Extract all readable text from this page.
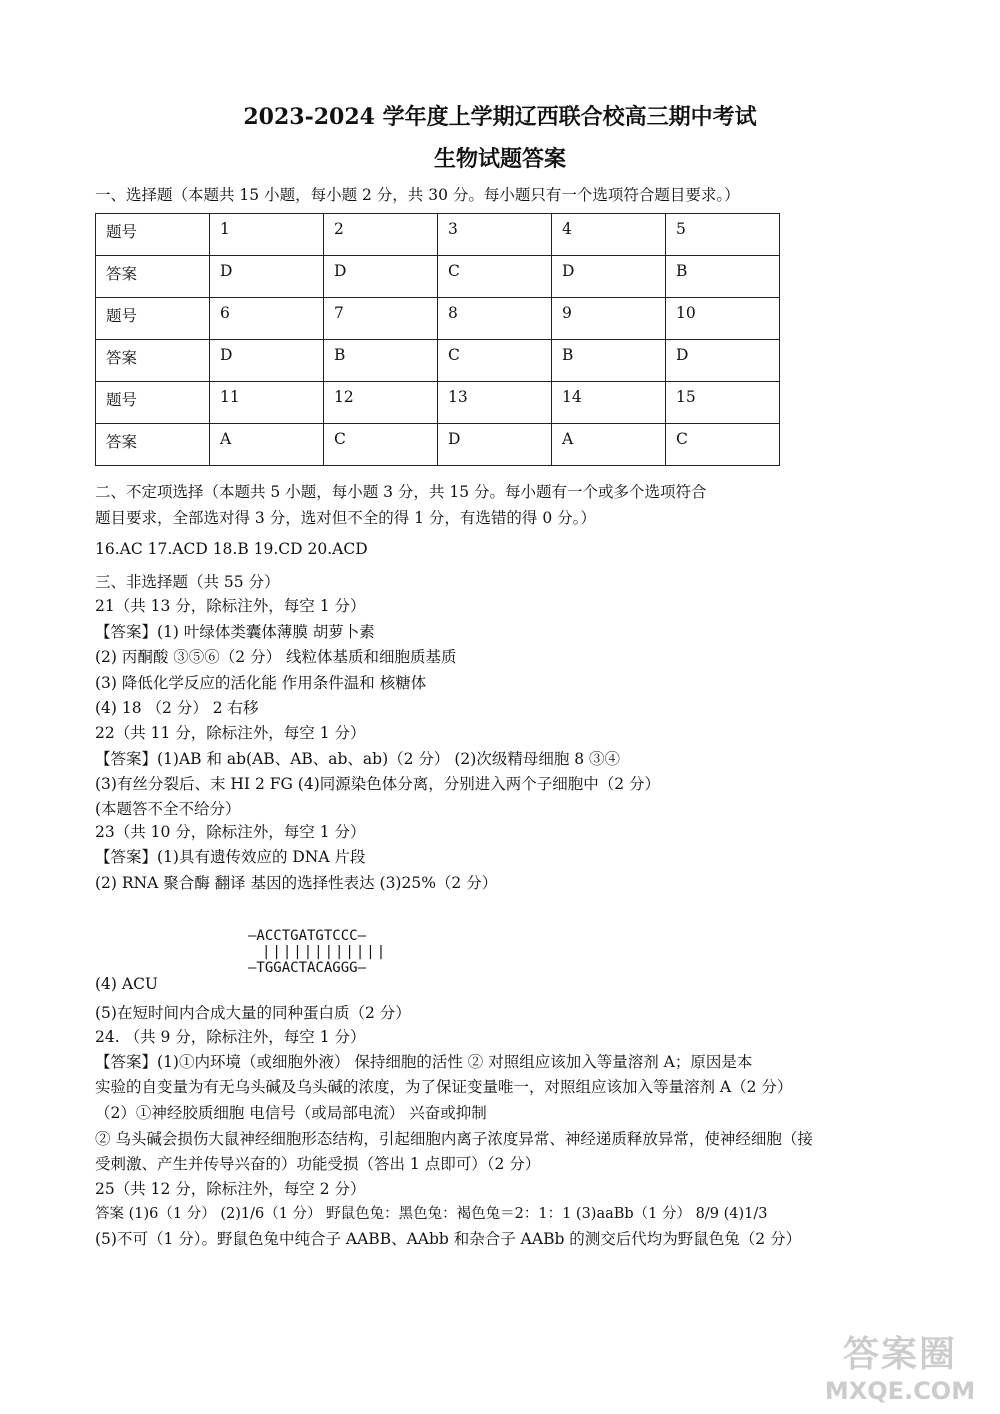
2023-2024 学年度上学期辽西联合校高三期中考试
生物试题答案
一、选择题（本题共 15 小题，每小题 2 分，共 30 分。每小题只有一个选项符合题目要求。）
题号	1	2	3	4	5
答案	D	D	C	D	B
题号	6	7	8	9	10
答案	D	B	C	B	D
题号	11	12	13	14	15
答案	A	C	D	A	C
二、不定项选择（本题共 5 小题，每小题 3 分，共 15 分。每小题有一个或多个选项符合
题目要求，全部选对得 3 分，选对但不全的得 1 分，有选错的得 0 分。）
16.AC 17.ACD 18.B 19.CD 20.ACD
三、非选择题（共 55 分）
21（共 13 分，除标注外，每空 1 分）
【答案】(1) 叶绿体类囊体薄膜 胡萝卜素
(2) 丙酮酸 ③⑤⑥（2 分） 线粒体基质和细胞质基质
(3) 降低化学反应的活化能 作用条件温和 核糖体
(4) 18 （2 分） 2 右移
22（共 11 分，除标注外，每空 1 分）
【答案】(1)AB 和 ab(AB、AB、ab、ab)（2 分） (2)次级精母细胞 8 ③④
(3)有丝分裂后、末 HI 2 FG (4)同源染色体分离，分别进入两个子细胞中（2 分）
(本题答不全不给分）
23（共 10 分，除标注外，每空 1 分）
【答案】(1)具有遗传效应的 DNA 片段
(2) RNA 聚合酶 翻译 基因的选择性表达 (3)25%（2 分）
—ACCTGATGTCCC—
||||||||||||
—TGGACTACAGGG—
(4) ACU
(5)在短时间内合成大量的同种蛋白质（2 分）
24. （共 9 分，除标注外，每空 1 分）
【答案】(1)①内环境（或细胞外液） 保持细胞的活性 ② 对照组应该加入等量溶剂 A；原因是本
实验的自变量为有无乌头碱及乌头碱的浓度，为了保证变量唯一，对照组应该加入等量溶剂 A（2 分）
（2）①神经胶质细胞 电信号（或局部电流） 兴奋或抑制
② 乌头碱会损伤大鼠神经细胞形态结构，引起细胞内离子浓度异常、神经递质释放异常，使神经细胞（接
受刺激、产生并传导兴奋的）功能受损（答出 1 点即可）（2 分）
25（共 12 分，除标注外，每空 2 分）
答案 (1)6（1 分） (2)1/6（1 分） 野鼠色兔：黑色兔：褐色兔＝2：1：1 (3)aaBb（1 分） 8/9 (4)1/3
(5)不可（1 分）。野鼠色兔中纯合子 AABB、AAbb 和杂合子 AABb 的测交后代均为野鼠色兔（2 分）
答案圈
MXQE.COM
